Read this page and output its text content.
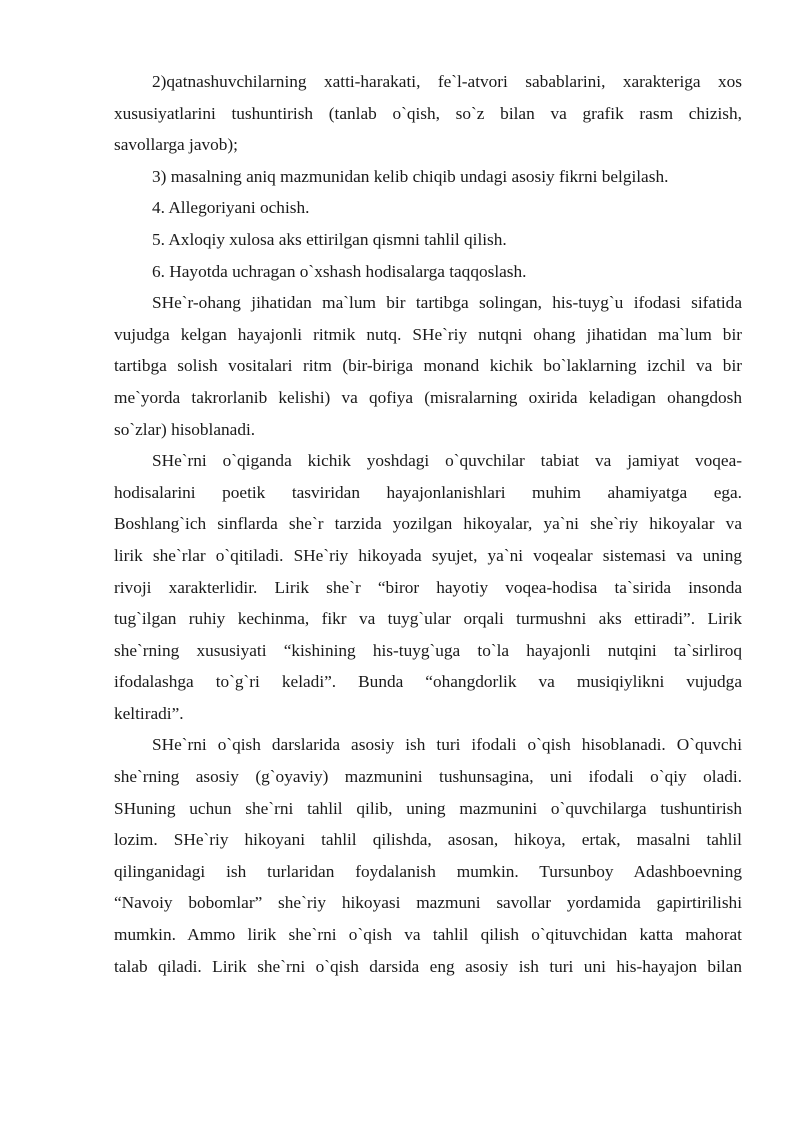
2)qatnashuvchilarning xatti-harakati, fe`l-atvori sabablarini, xarakteriga xos
xususiyatlarini tushuntirish (tanlab o`qish, so`z bilan va grafik rasm chizish,
savollarga javob);
3) masalning aniq mazmunidan kelib chiqib undagi asosiy fikrni belgilash.
4. Allegoriyani ochish.
5. Axloqiy xulosa aks ettirilgan qismni tahlil qilish.
6. Hayotda uchragan o`xshash hodisalarga taqqoslash.
SHe`r-ohang jihatidan ma`lum bir tartibga solingan, his-tuyg`u ifodasi sifatida
vujudga kelgan hayajonli ritmik nutq. SHe`riy nutqni ohang jihatidan ma`lum bir
tartibga solish vositalari ritm (bir-biriga monand kichik bo`laklarning izchil va bir
me`yorda takrorlanib kelishi) va qofiya (misralarning oxirida keladigan ohangdosh
so`zlar) hisoblanadi.
SHe`rni o`qiganda kichik yoshdagi o`quvchilar tabiat va jamiyat voqea-
hodisalarini poetik tasviridan hayajonlanishlari muhim ahamiyatga ega.
Boshlang`ich sinflarda she`r tarzida yozilgan hikoyalar, ya`ni she`riy hikoyalar va
lirik she`rlar o`qitiladi. SHe`riy hikoyada syujet, ya`ni voqealar sistemasi va uning
rivoji xarakterlidir. Lirik she`r “biror hayotiy voqea-hodisa ta`sirida insonda
tug`ilgan ruhiy kechinma, fikr va tuyg`ular orqali turmushni aks ettiradi”. Lirik
she`rning xususiyati “kishining his-tuyg`uga to`la hayajonli nutqini ta`sirliroq
ifodalashga to`g`ri keladi”. Bunda “ohangdorlik va musiqiylikni vujudga
keltiradi”.
SHe`rni o`qish darslarida asosiy ish turi ifodali o`qish hisoblanadi. O`quvchi
she`rning asosiy (g`oyaviy) mazmunini tushunsagina, uni ifodali o`qiy oladi.
SHuning uchun she`rni tahlil qilib, uning mazmunini o`quvchilarga tushuntirish
lozim. SHe`riy hikoyani tahlil qilishda, asosan, hikoya, ertak, masalni tahlil
qilinganidagi ish turlaridan foydalanish mumkin. Tursunboy Adashboevning
“Navoiy bobomlar” she`riy hikoyasi mazmuni savollar yordamida gapirtirilishi
mumkin. Ammo lirik she`rni o`qish va tahlil qilish o`qituvchidan katta mahorat
talab qiladi. Lirik she`rni o`qish darsida eng asosiy ish turi uni his-hayajon bilan
